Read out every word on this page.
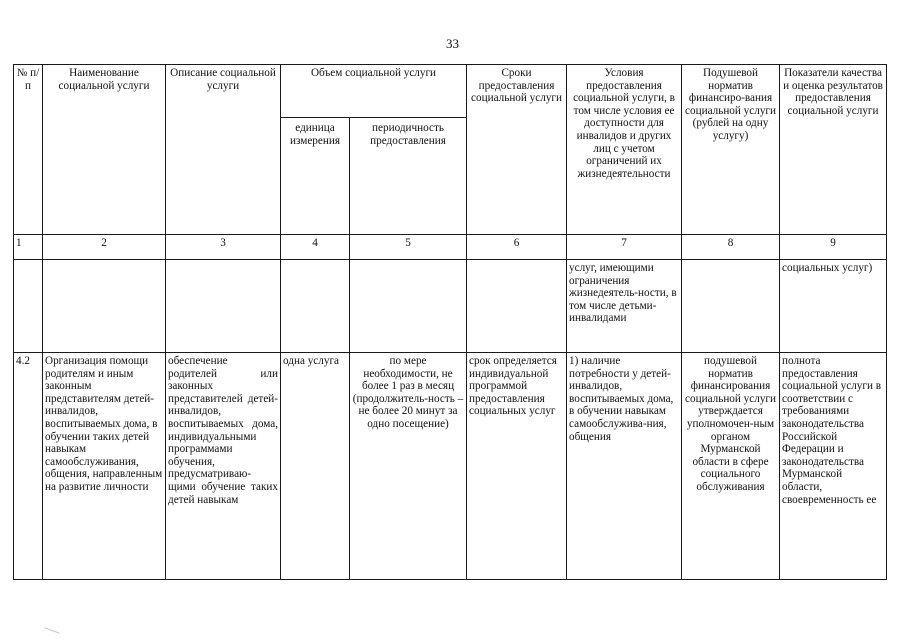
33
№ п/п	Наименование социальной услуги	Описание социальной услуги	Объем социальной услуги		Сроки предоставления социальной услуги	Условия предоставления социальной услуги, в том числе условия ее доступности для инвалидов и других лиц с учетом ограничений их жизнедеятельности	Подушевой норматив финансиро-вания социальной услуги (рублей на одну услугу)	Показатели качества и оценка результатов предоставления социальной услуги
			единица измерения	периодичность предоставления				
1	2	3	4	5	6	7	8	9
						услуг, имеющими ограничения жизнедеятель-ности, в том числе детьми-инвалидами		социальных услуг)
4.2	Организация помощи родителям и иным законным представителям детей-инвалидов, воспитываемых дома, в обучении таких детей навыкам самообслуживания, общения, направленным на развитие личности	обеспечение родителей или законных представителей детей-инвалидов, воспитываемых дома, индивидуальными программами обучения, предусматриваю-щими обучение таких детей навыкам	одна услуга	по мере необходимости, не более 1 раз в месяц (продолжитель-ность – не более 20 минут за одно посещение)	срок определяется индивидуальной программой предоставления социальных услуг	1) наличие потребности у детей-инвалидов, воспитываемых дома, в обучении навыкам самообслужива-ния, общения	подушевой норматив финансирования социальной услуги утверждается уполномочен-ным органом Мурманской области в сфере социального обслуживания	полнота предоставления социальной услуги в соответствии с требованиями законодательства Российской Федерации и законодательства Мурманской области, своевременность ее
